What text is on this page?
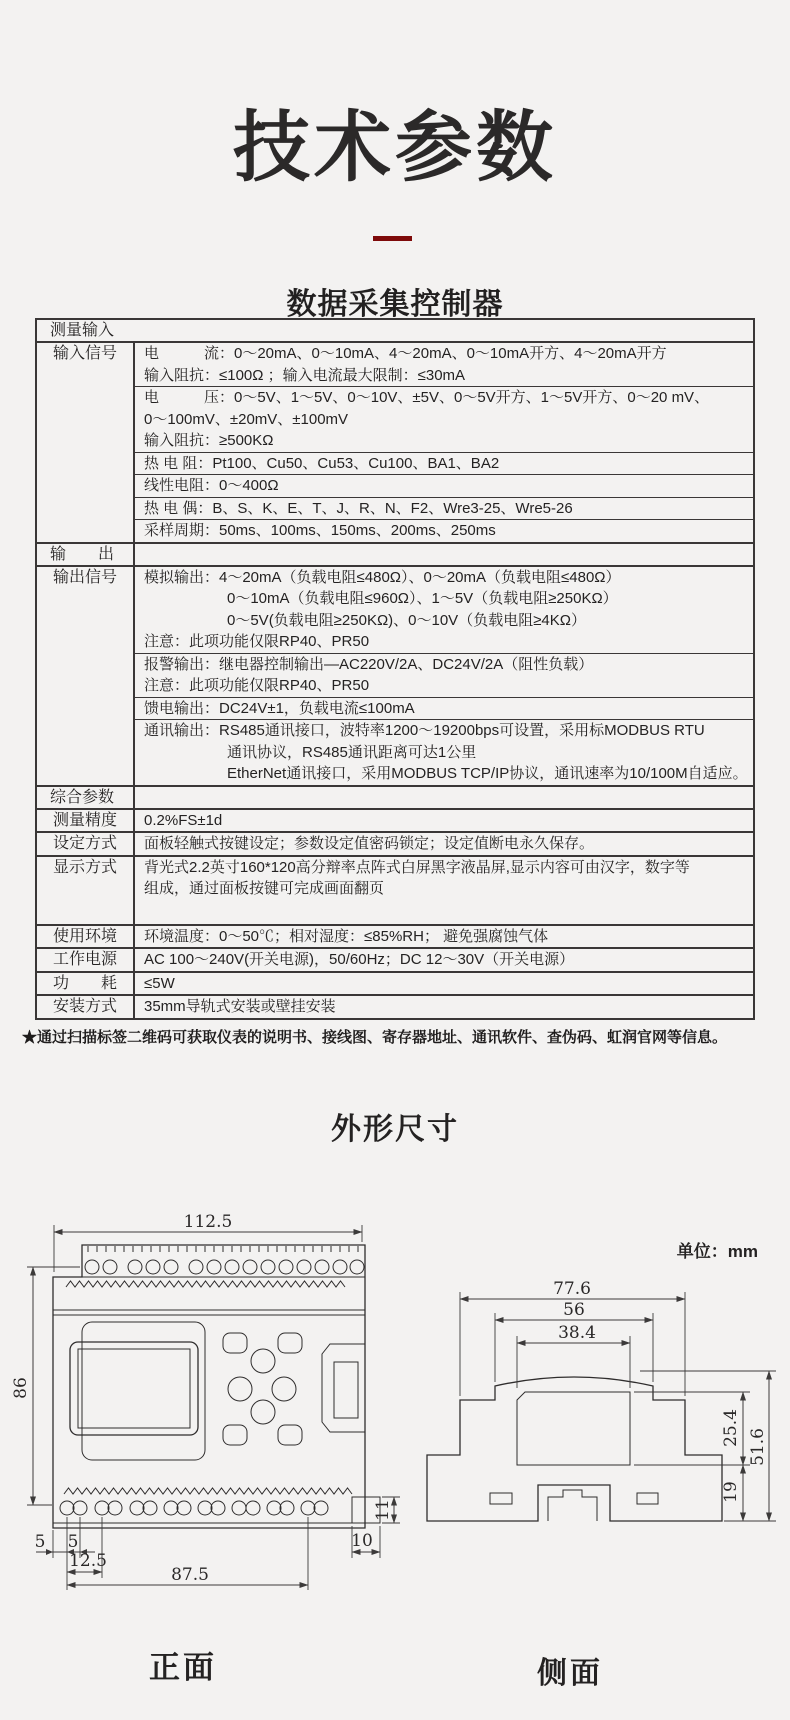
技术参数
数据采集控制器
测量输入
输入信号	电　　　流：0～20mA、0～10mA、4～20mA、0～10mA开方、4～20mA开方
输入阻抗：≤100Ω ；输入电流最大限制：≤30mA
电　　　压：0～5V、1～5V、0～10V、±5V、0～5V开方、1～5V开方、0～20 mV、
0～100mV、±20mV、±100mV
输入阻抗：≥500KΩ
热 电 阻：Pt100、Cu50、Cu53、Cu100、BA1、BA2
线性电阻：0～400Ω
热 电 偶：B、S、K、E、T、J、R、N、F2、Wre3-25、Wre5-26
采样周期：50ms、100ms、150ms、200ms、250ms
输　　出
输出信号	模拟输出：4～20mA（负载电阻≤480Ω）、0～20mA（负载电阻≤480Ω）
0～10mA（负载电阻≤960Ω）、1～5V（负载电阻≥250KΩ）
0～5V(负载电阻≥250KΩ)、0～10V（负载电阻≥4KΩ）
注意：此项功能仅限RP40、PR50
报警输出：继电器控制输出—AC220V/2A、DC24V/2A（阻性负载）
注意：此项功能仅限RP40、PR50
馈电输出：DC24V±1，负载电流≤100mA
通讯输出：RS485通讯接口，波特率1200～19200bps可设置，采用标MODBUS RTU
通讯协议，RS485通讯距离可达1公里
EtherNet通讯接口，采用MODBUS TCP/IP协议，通讯速率为10/100M自适应。
综合参数
测量精度	0.2%FS±1d
设定方式	面板轻触式按键设定；参数设定值密码锁定；设定值断电永久保存。
显示方式	背光式2.2英寸160*120高分辩率点阵式白屏黑字液晶屏,显示内容可由汉字，数字等
组成，通过面板按键可完成画面翻页
使用环境	环境温度：0～50℃；相对湿度：≤85%RH； 避免强腐蚀气体
工作电源	AC 100～240V(开关电源)，50/60Hz；DC 12～30V（开关电源）
功　　耗	≤5W
安装方式	35mm导轨式安装或壁挂安装
★通过扫描标签二维码可获取仪表的说明书、接线图、寄存器地址、通讯软件、查伪码、虹润官网等信息。
外形尺寸
单位：mm
112.5
86
5 5
12.5
87.5
10
11
77.6
56
38.4
25.4
51.6
19
正面	侧面
